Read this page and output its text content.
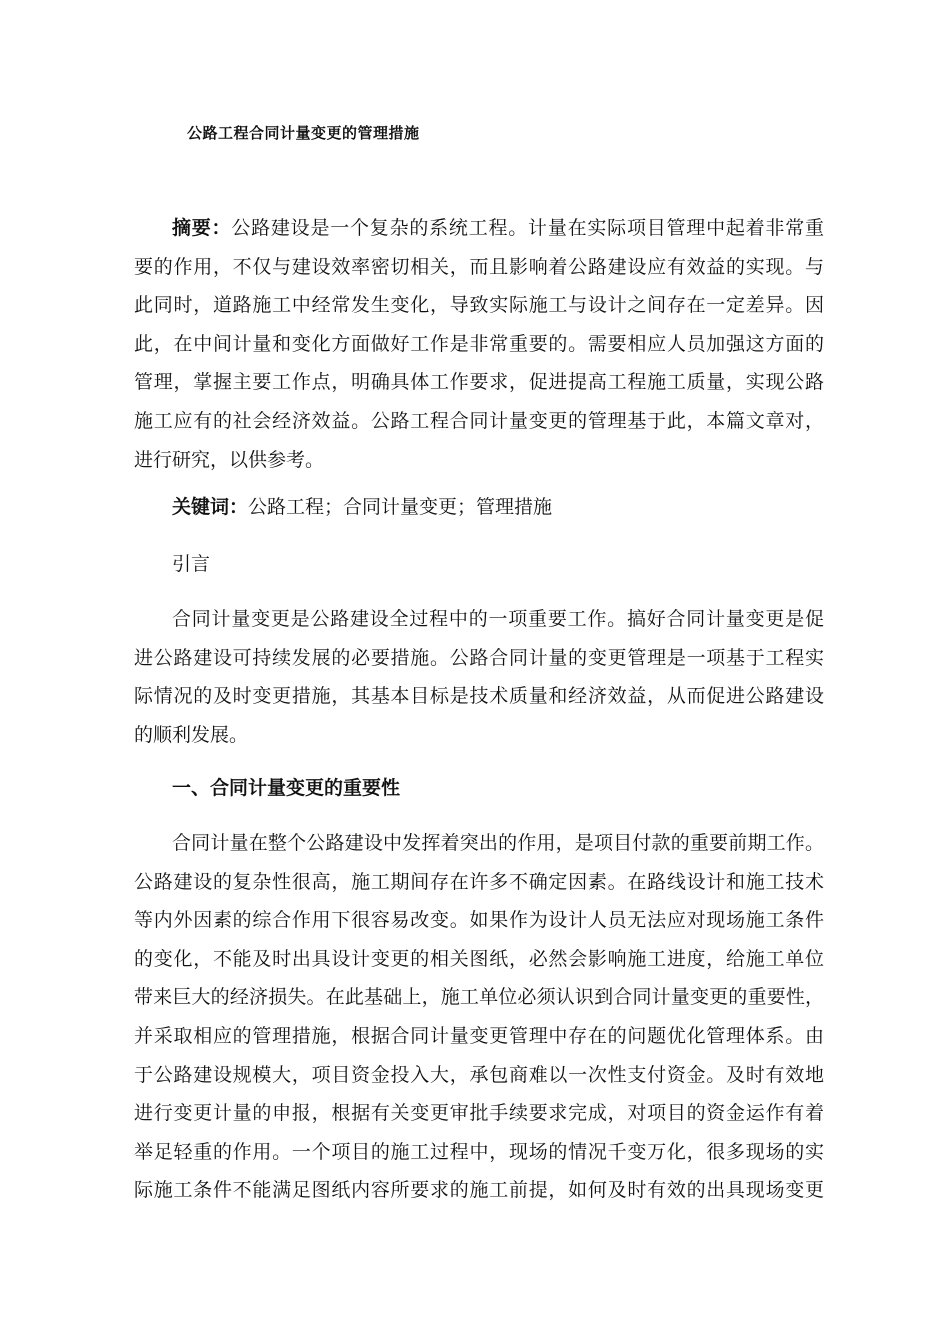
公路工程合同计量变更的管理措施
摘要：公路建设是一个复杂的系统工程。计量在实际项目管理中起着非常重
要的作用，不仅与建设效率密切相关，而且影响着公路建设应有效益的实现。与
此同时，道路施工中经常发生变化，导致实际施工与设计之间存在一定差异。因
此，在中间计量和变化方面做好工作是非常重要的。需要相应人员加强这方面的
管理，掌握主要工作点，明确具体工作要求，促进提高工程施工质量，实现公路
施工应有的社会经济效益。公路工程合同计量变更的管理基于此，本篇文章对，
进行研究，以供参考。
关键词：公路工程；合同计量变更；管理措施
引言
合同计量变更是公路建设全过程中的一项重要工作。搞好合同计量变更是促
进公路建设可持续发展的必要措施。公路合同计量的变更管理是一项基于工程实
际情况的及时变更措施，其基本目标是技术质量和经济效益，从而促进公路建设
的顺利发展。
一、合同计量变更的重要性
合同计量在整个公路建设中发挥着突出的作用，是项目付款的重要前期工作。
公路建设的复杂性很高，施工期间存在许多不确定因素。在路线设计和施工技术
等内外因素的综合作用下很容易改变。如果作为设计人员无法应对现场施工条件
的变化，不能及时出具设计变更的相关图纸，必然会影响施工进度，给施工单位
带来巨大的经济损失。在此基础上，施工单位必须认识到合同计量变更的重要性，
并采取相应的管理措施，根据合同计量变更管理中存在的问题优化管理体系。由
于公路建设规模大，项目资金投入大，承包商难以一次性支付资金。及时有效地
进行变更计量的申报，根据有关变更审批手续要求完成，对项目的资金运作有着
举足轻重的作用。一个项目的施工过程中，现场的情况千变万化，很多现场的实
际施工条件不能满足图纸内容所要求的施工前提，如何及时有效的出具现场变更
